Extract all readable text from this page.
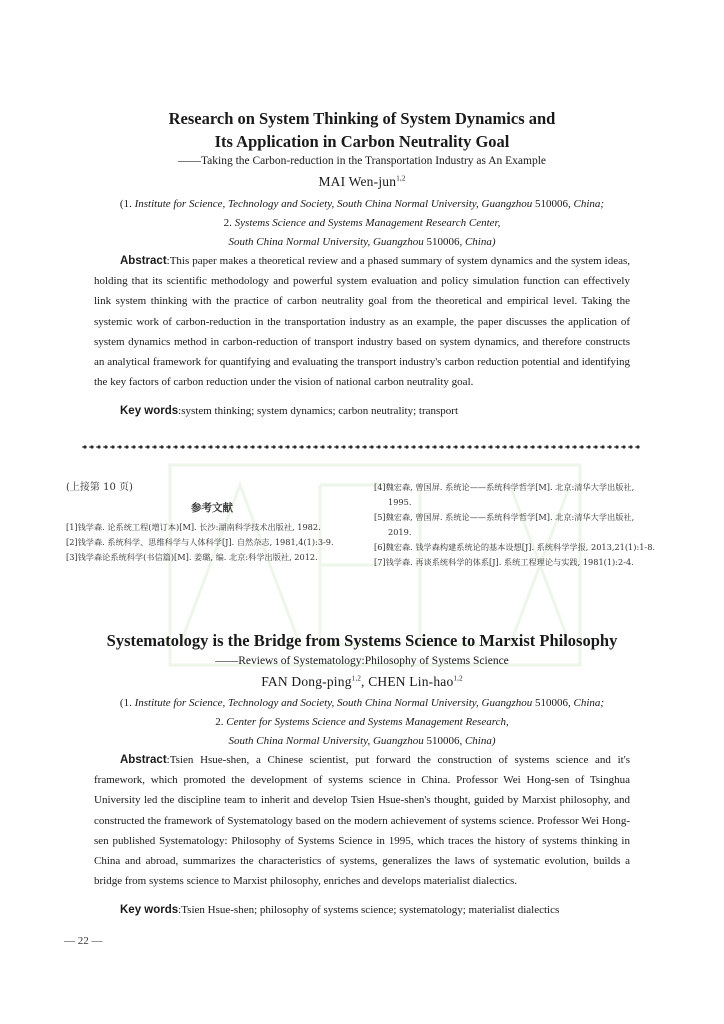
Research on System Thinking of System Dynamics and
Its Application in Carbon Neutrality Goal
——Taking the Carbon-reduction in the Transportation Industry as An Example
MAI Wen-jun$^{1,2}$
(1. Institute for Science, Technology and Society, South China Normal University, Guangzhou 510006, China;
2. Systems Science and Systems Management Research Center,
South China Normal University, Guangzhou 510006, China)
Abstract:This paper makes a theoretical review and a phased summary of system dynamics and the system ideas, holding that its scientific methodology and powerful system evaluation and policy simulation function can effectively link system thinking with the practice of carbon neutrality goal from the theoretical and empirical level. Taking the systemic work of carbon-reduction in the transportation industry as an example, the paper discusses the application of system dynamics method in carbon-reduction of transport industry based on system dynamics, and therefore constructs an analytical framework for quantifying and evaluating the transport industry's carbon reduction potential and identifying the key factors of carbon reduction under the vision of national carbon neutrality goal.
Key words:system thinking; system dynamics; carbon neutrality; transport
(上接第 10 页)
参考文献

[1]钱学森. 论系统工程(增订本)[M]. 长沙:湖南科学技术出版社, 1982.

[2]钱学森. 系统科学、思维科学与人体科学[J]. 自然杂志, 1981,4(1):3-9.

[3]钱学森论系统科学(书信篇)[M]. 姜璐, 编. 北京:科学出版社, 2012.

[4]魏宏森, 曾国屏. 系统论——系统科学哲学[M]. 北京:清华大学出版社, 1995.

[5]魏宏森, 曾国屏. 系统论——系统科学哲学[M]. 北京:清华大学出版社, 2019.

[6]魏宏森. 钱学森构建系统论的基本设想[J]. 系统科学学报, 2013,21(1):1-8.

[7]钱学森. 再谈系统科学的体系[J]. 系统工程理论与实践, 1981(1):2-4.

Systematology is the Bridge from Systems Science to Marxist Philosophy
——Reviews of Systematology:Philosophy of Systems Science
FAN Dong-ping$^{1,2}$, CHEN Lin-hao$^{1,2}$
(1. Institute for Science, Technology and Society, South China Normal University, Guangzhou 510006, China;
2. Center for Systems Science and Systems Management Research,
South China Normal University, Guangzhou 510006, China)
Abstract:Tsien Hsue-shen, a Chinese scientist, put forward the construction of systems science and it's framework, which promoted the development of systems science in China. Professor Wei Hong-sen of Tsinghua University led the discipline team to inherit and develop Tsien Hsue-shen's thought, guided by Marxist philosophy, and constructed the framework of Systematology based on the modern achievement of systems science. Professor Wei Hong-sen published Systematology: Philosophy of Systems Science in 1995, which traces the history of systems thinking in China and abroad, summarizes the characteristics of systems, generalizes the laws of systematic evolution, builds a bridge from systems science to Marxist philosophy, enriches and develops materialist dialectics.
Key words:Tsien Hsue-shen; philosophy of systems science; systematology; materialist dialectics
— 22 —
